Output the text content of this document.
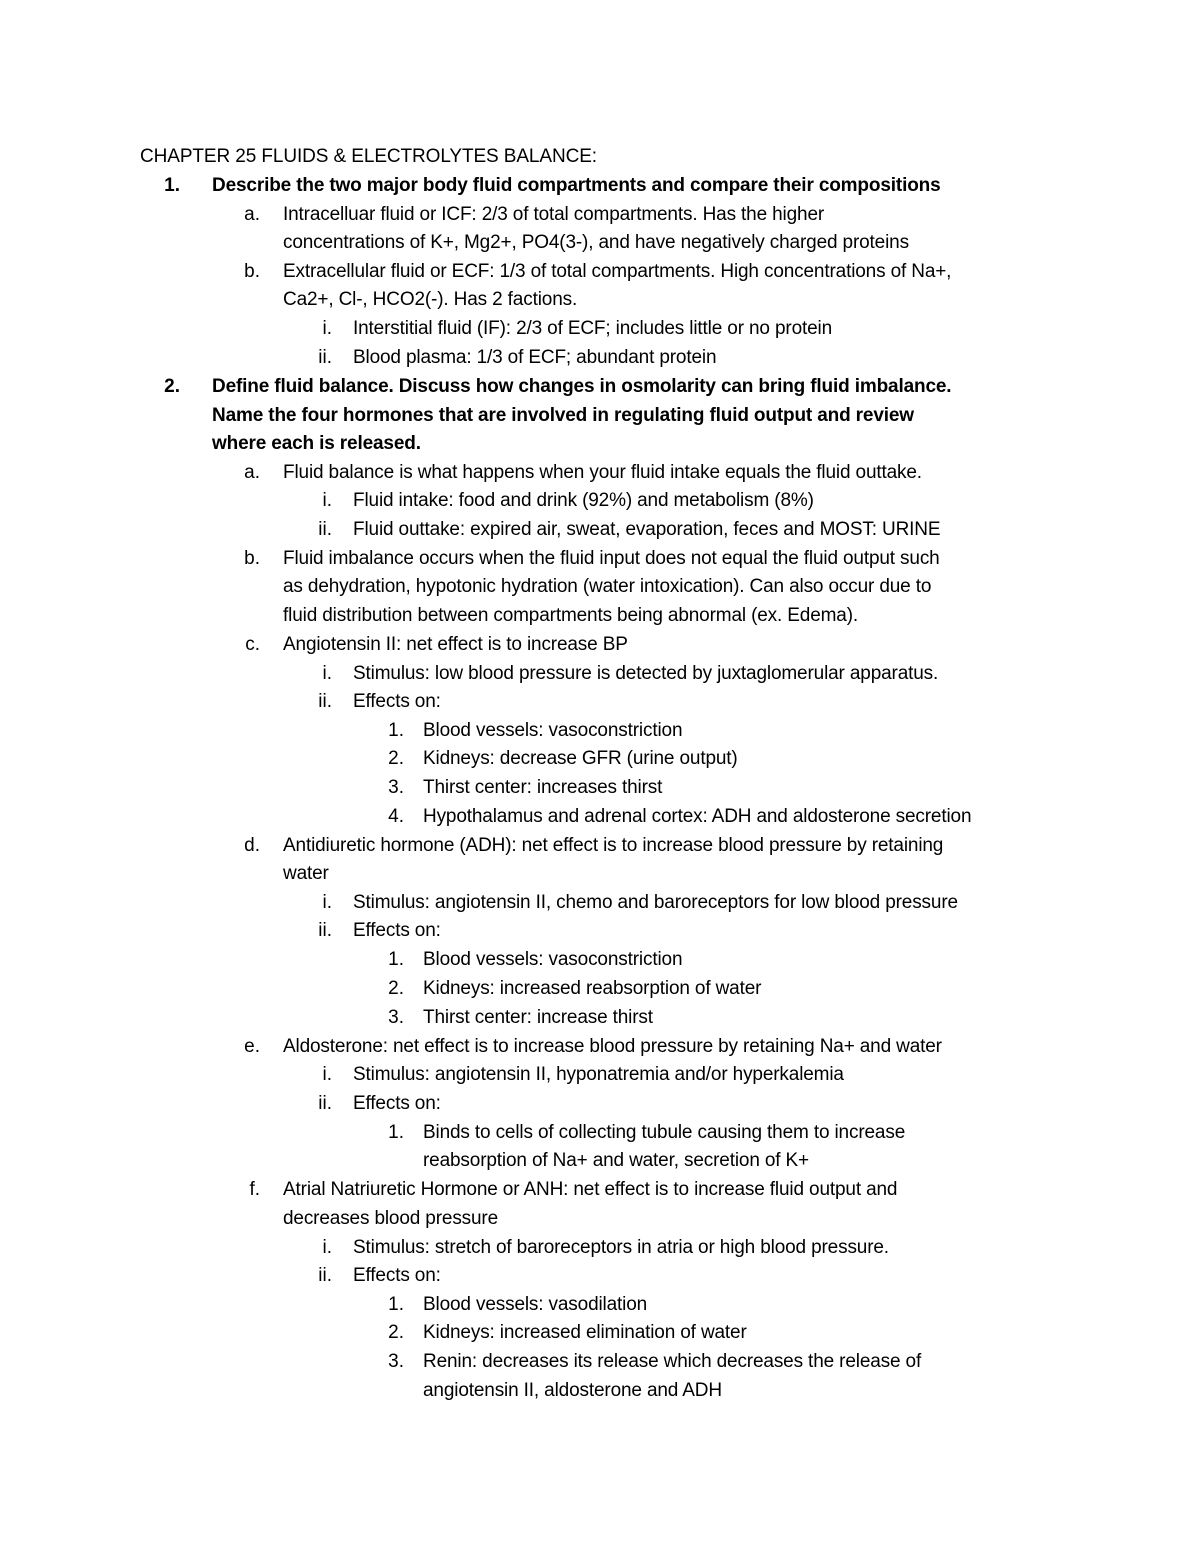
CHAPTER 25 FLUIDS & ELECTROLYTES BALANCE:
1. Describe the two major body fluid compartments and compare their compositions
a. Intracelluar fluid or ICF: 2/3 of total compartments. Has the higher
concentrations of K+, Mg2+, PO4(3-), and have negatively charged proteins
b. Extracellular fluid or ECF: 1/3 of total compartments. High concentrations of Na+,
Ca2+, Cl-, HCO2(-). Has 2 factions.
i. Interstitial fluid (IF): 2/3 of ECF; includes little or no protein
ii. Blood plasma: 1/3 of ECF; abundant protein
2. Define fluid balance. Discuss how changes in osmolarity can bring fluid imbalance.
Name the four hormones that are involved in regulating fluid output and review
where each is released.
a. Fluid balance is what happens when your fluid intake equals the fluid outtake.
i. Fluid intake: food and drink (92%) and metabolism (8%)
ii. Fluid outtake: expired air, sweat, evaporation, feces and MOST: URINE
b. Fluid imbalance occurs when the fluid input does not equal the fluid output such
as dehydration, hypotonic hydration (water intoxication). Can also occur due to
fluid distribution between compartments being abnormal (ex. Edema).
c. Angiotensin II: net effect is to increase BP
i. Stimulus: low blood pressure is detected by juxtaglomerular apparatus.
ii. Effects on:
1. Blood vessels: vasoconstriction
2. Kidneys: decrease GFR (urine output)
3. Thirst center: increases thirst
4. Hypothalamus and adrenal cortex: ADH and aldosterone secretion
d. Antidiuretic hormone (ADH): net effect is to increase blood pressure by retaining
water
i. Stimulus: angiotensin II, chemo and baroreceptors for low blood pressure
ii. Effects on:
1. Blood vessels: vasoconstriction
2. Kidneys: increased reabsorption of water
3. Thirst center: increase thirst
e. Aldosterone: net effect is to increase blood pressure by retaining Na+ and water
i. Stimulus: angiotensin II, hyponatremia and/or hyperkalemia
ii. Effects on:
1. Binds to cells of collecting tubule causing them to increase
reabsorption of Na+ and water, secretion of K+
f. Atrial Natriuretic Hormone or ANH: net effect is to increase fluid output and
decreases blood pressure
i. Stimulus: stretch of baroreceptors in atria or high blood pressure.
ii. Effects on:
1. Blood vessels: vasodilation
2. Kidneys: increased elimination of water
3. Renin: decreases its release which decreases the release of
angiotensin II, aldosterone and ADH
